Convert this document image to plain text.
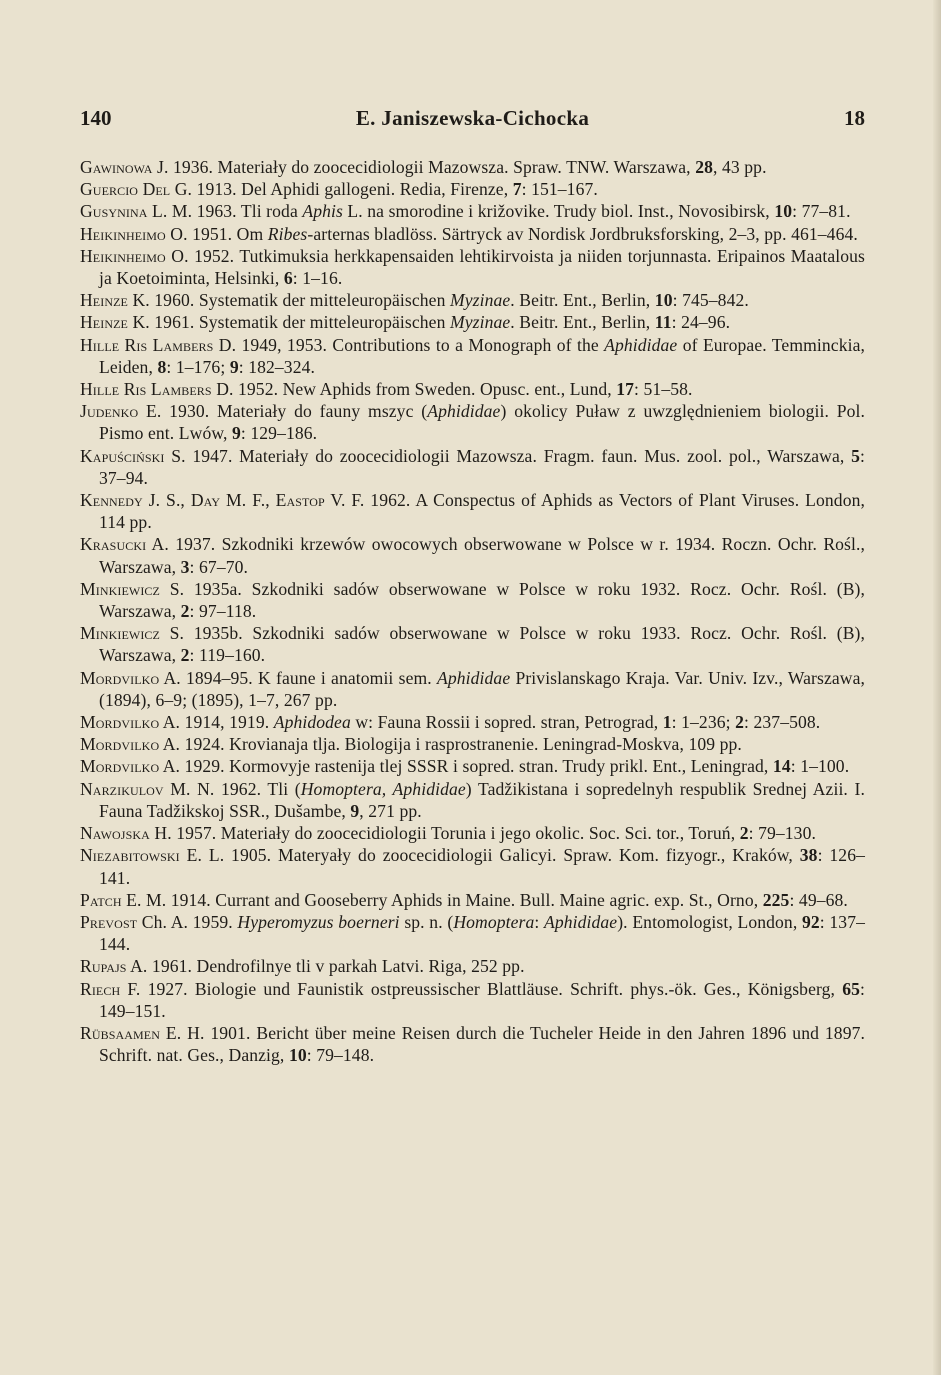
140	E. Janiszewska-Cichocka	18
Gawinowa J. 1936. Materiały do zoocecidiologii Mazowsza. Spraw. TNW. Warszawa, 28, 43 pp.
Guercio Del G. 1913. Del Aphidi gallogeni. Redia, Firenze, 7: 151–167.
Gusynina L. M. 1963. Tli roda Aphis L. na smorodine i križovike. Trudy biol. Inst., Novosibirsk, 10: 77–81.
Heikinheimo O. 1951. Om Ribes-arternas bladlöss. Särtryck av Nordisk Jordbruksforsking, 2–3, pp. 461–464.
Heikinheimo O. 1952. Tutkimuksia herkkapensaiden lehtikirvoista ja niiden torjunnasta. Eripainos Maatalous ja Koetoiminta, Helsinki, 6: 1–16.
Heinze K. 1960. Systematik der mitteleuropäischen Myzinae. Beitr. Ent., Berlin, 10: 745–842.
Heinze K. 1961. Systematik der mitteleuropäischen Myzinae. Beitr. Ent., Berlin, 11: 24–96.
Hille Ris Lambers D. 1949, 1953. Contributions to a Monograph of the Aphididae of Europae. Temminckia, Leiden, 8: 1–176; 9: 182–324.
Hille Ris Lambers D. 1952. New Aphids from Sweden. Opusc. ent., Lund, 17: 51–58.
Judenko E. 1930. Materiały do fauny mszyc (Aphididae) okolicy Puław z uwzględnieniem biologii. Pol. Pismo ent. Lwów, 9: 129–186.
Kapuściński S. 1947. Materiały do zoocecidiologii Mazowsza. Fragm. faun. Mus. zool. pol., Warszawa, 5: 37–94.
Kennedy J. S., Day M. F., Eastop V. F. 1962. A Conspectus of Aphids as Vectors of Plant Viruses. London, 114 pp.
Krasucki A. 1937. Szkodniki krzewów owocowych obserwowane w Polsce w r. 1934. Roczn. Ochr. Rośl., Warszawa, 3: 67–70.
Minkiewicz S. 1935a. Szkodniki sadów obserwowane w Polsce w roku 1932. Rocz. Ochr. Rośl. (B), Warszawa, 2: 97–118.
Minkiewicz S. 1935b. Szkodniki sadów obserwowane w Polsce w roku 1933. Rocz. Ochr. Rośl. (B), Warszawa, 2: 119–160.
Mordvilko A. 1894–95. K faune i anatomii sem. Aphididae Privislanskago Kraja. Var. Univ. Izv., Warszawa, (1894), 6–9; (1895), 1–7, 267 pp.
Mordvilko A. 1914, 1919. Aphidodea w: Fauna Rossii i sopred. stran, Petrograd, 1: 1–236; 2: 237–508.
Mordvilko A. 1924. Krovianaja tlja. Biologija i rasprostranenie. Leningrad-Moskva, 109 pp.
Mordvilko A. 1929. Kormovyje rastenija tlej SSSR i sopred. stran. Trudy prikl. Ent., Leningrad, 14: 1–100.
Narzikulov M. N. 1962. Tli (Homoptera, Aphididae) Tadžikistana i sopredelnyh respublik Srednej Azii. I. Fauna Tadžikskoj SSR., Dušambe, 9, 271 pp.
Nawojska H. 1957. Materiały do zoocecidiologii Torunia i jego okolic. Soc. Sci. tor., Toruń, 2: 79–130.
Niezabitowski E. L. 1905. Materyały do zoocecidiologii Galicyi. Spraw. Kom. fizyogr., Kraków, 38: 126–141.
Patch E. M. 1914. Currant and Gooseberry Aphids in Maine. Bull. Maine agric. exp. St., Orno, 225: 49–68.
Prevost Ch. A. 1959. Hyperomyzus boerneri sp. n. (Homoptera: Aphididae). Entomologist, London, 92: 137–144.
Rupajs A. 1961. Dendrofilnye tli v parkah Latvi. Riga, 252 pp.
Riech F. 1927. Biologie und Faunistik ostpreussischer Blattläuse. Schrift. phys.-ök. Ges., Königsberg, 65: 149–151.
Rübsaamen E. H. 1901. Bericht über meine Reisen durch die Tucheler Heide in den Jahren 1896 und 1897. Schrift. nat. Ges., Danzig, 10: 79–148.
